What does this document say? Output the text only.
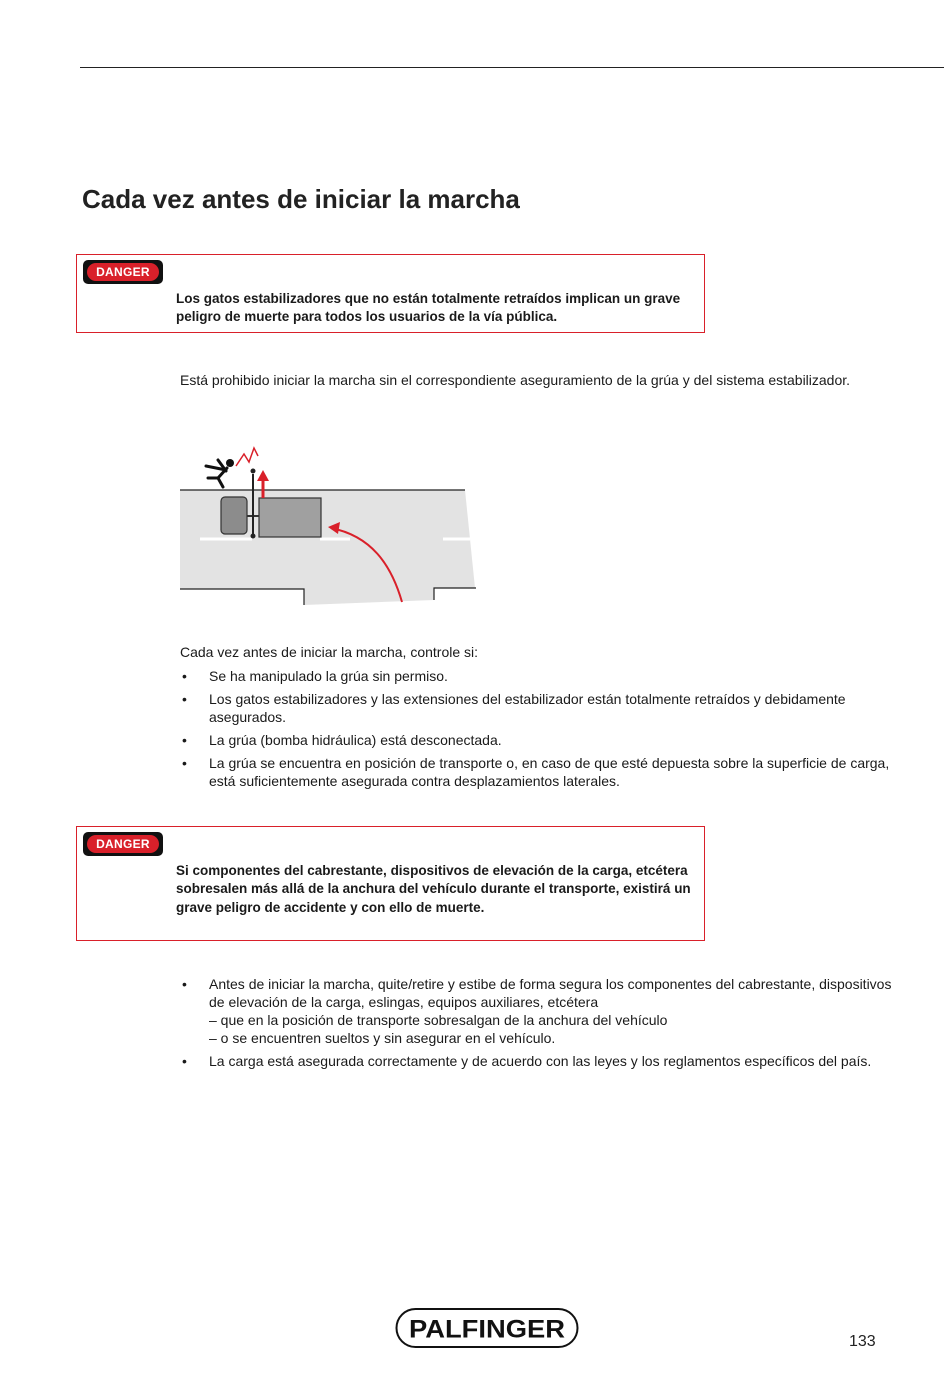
Cada vez antes de iniciar la marcha
DANGER

Los gatos estabilizadores que no están totalmente retraídos implican un grave peligro de muerte para todos los usuarios de la vía pública.

Está prohibido iniciar la marcha sin el correspondiente aseguramiento de la grúa y del sistema estabilizador.

Cada vez antes de iniciar la marcha, controle si:

• Se ha manipulado la grúa sin permiso.
• Los gatos estabilizadores y las extensiones del estabilizador están totalmente retraídos y debidamente asegurados.
• La grúa (bomba hidráulica) está desconectada.
• La grúa se encuentra en posición de transporte o, en caso de que esté depuesta sobre la superficie de carga, está suficientemente asegurada contra desplazamientos laterales.
DANGER

Si componentes del cabrestante, dispositivos de elevación de la carga, etcétera sobresalen más allá de la anchura del vehículo durante el transporte, existirá un grave peligro de accidente y con ello de muerte.

• Antes de iniciar la marcha, quite/retire y estibe de forma segura los componentes del cabrestante, dispositivos de elevación de la carga, eslingas, equipos auxiliares, etcétera
– que en la posición de transporte sobresalgan de la anchura del vehículo
– o se encuentren sueltos y sin asegurar en el vehículo.
• La carga está asegurada correctamente y de acuerdo con las leyes y los reglamentos específicos del país.
PALFINGER	133
